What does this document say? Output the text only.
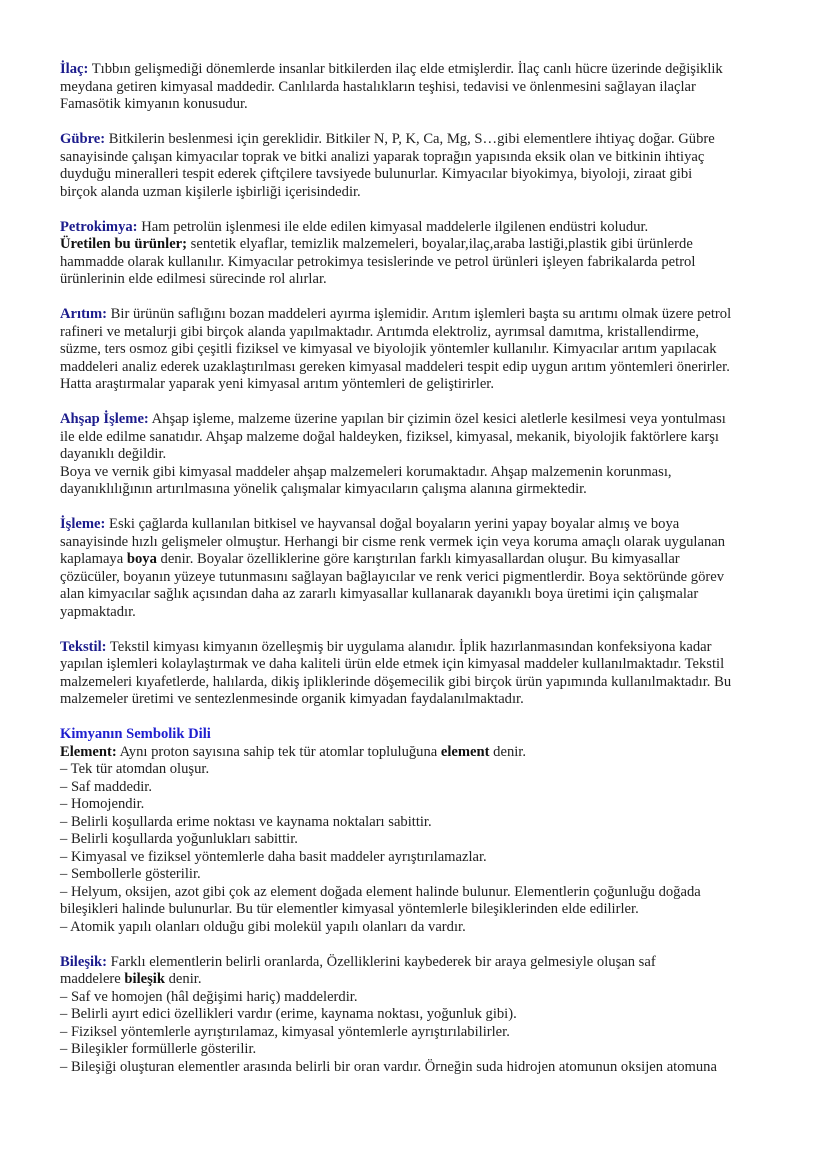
İlaç: Tıbbın gelişmediği dönemlerde insanlar bitkilerden ilaç elde etmişlerdir. İlaç canlı hücre üzerinde değişiklik
meydana getiren kimyasal maddedir. Canlılarda hastalıkların teşhisi, tedavisi ve önlenmesini sağlayan ilaçlar
Famasötik kimyanın konusudur.
Gübre: Bitkilerin beslenmesi için gereklidir. Bitkiler N, P, K, Ca, Mg, S…gibi elementlere ihtiyaç doğar. Gübre
sanayisinde çalışan kimyacılar toprak ve bitki analizi yaparak toprağın yapısında eksik olan ve bitkinin ihtiyaç
duyduğu mineralleri tespit ederek çiftçilere tavsiyede bulunurlar. Kimyacılar biyokimya, biyoloji, ziraat gibi
birçok alanda uzman kişilerle işbirliği içerisindedir.
Petrokimya: Ham petrolün işlenmesi ile elde edilen kimyasal maddelerle ilgilenen endüstri koludur.
Üretilen bu ürünler; sentetik elyaflar, temizlik malzemeleri, boyalar,ilaç,araba lastiği,plastik gibi ürünlerde
hammadde olarak kullanılır. Kimyacılar petrokimya tesislerinde ve petrol ürünleri işleyen fabrikalarda petrol
ürünlerinin elde edilmesi sürecinde rol alırlar.
Arıtım: Bir ürünün saflığını bozan maddeleri ayırma işlemidir. Arıtım işlemleri başta su arıtımı olmak üzere petrol
rafineri ve metalurji gibi birçok alanda yapılmaktadır. Arıtımda elektroliz, ayrımsal damıtma, kristallendirme,
süzme, ters osmoz gibi çeşitli fiziksel ve kimyasal ve biyolojik yöntemler kullanılır. Kimyacılar arıtım yapılacak
maddeleri analiz ederek uzaklaştırılması gereken kimyasal maddeleri tespit edip uygun arıtım yöntemleri önerirler.
Hatta araştırmalar yaparak yeni kimyasal arıtım yöntemleri de geliştirirler.
Ahşap İşleme: Ahşap işleme, malzeme üzerine yapılan bir çizimin özel kesici aletlerle kesilmesi veya yontulması
ile elde edilme sanatıdır. Ahşap malzeme doğal haldeyken, fiziksel, kimyasal, mekanik, biyolojik faktörlere karşı
dayanıklı değildir.
Boya ve vernik gibi kimyasal maddeler ahşap malzemeleri korumaktadır. Ahşap malzemenin korunması,
dayanıklılığının artırılmasına yönelik çalışmalar kimyacıların çalışma alanına girmektedir.
İşleme: Eski çağlarda kullanılan bitkisel ve hayvansal doğal boyaların yerini yapay boyalar almış ve boya
sanayisinde hızlı gelişmeler olmuştur. Herhangi bir cisme renk vermek için veya koruma amaçlı olarak uygulanan
kaplamaya boya denir. Boyalar özelliklerine göre karıştırılan farklı kimyasallardan oluşur. Bu kimyasallar
çözücüler, boyanın yüzeye tutunmasını sağlayan bağlayıcılar ve renk verici pigmentlerdir. Boya sektöründe görev
alan kimyacılar sağlık açısından daha az zararlı kimyasallar kullanarak dayanıklı boya üretimi için çalışmalar
yapmaktadır.
Tekstil: Tekstil kimyası kimyanın özelleşmiş bir uygulama alanıdır. İplik hazırlanmasından konfeksiyona kadar
yapılan işlemleri kolaylaştırmak ve daha kaliteli ürün elde etmek için kimyasal maddeler kullanılmaktadır. Tekstil
malzemeleri kıyafetlerde, halılarda, dikiş ipliklerinde döşemecilik gibi birçok ürün yapımında kullanılmaktadır. Bu
malzemeler üretimi ve sentezlenmesinde organik kimyadan faydalanılmaktadır.
Kimyanın Sembolik Dili
Element: Aynı proton sayısına sahip tek tür atomlar topluluğuna element denir.
– Tek tür atomdan oluşur.
– Saf maddedir.
– Homojendir.
– Belirli koşullarda erime noktası ve kaynama noktaları sabittir.
– Belirli koşullarda yoğunlukları sabittir.
– Kimyasal ve fiziksel yöntemlerle daha basit maddeler ayrıştırılamazlar.
– Sembollerle gösterilir.
– Helyum, oksijen, azot gibi çok az element doğada element halinde bulunur. Elementlerin çoğunluğu doğada
bileşikleri halinde bulunurlar. Bu tür elementler kimyasal yöntemlerle bileşiklerinden elde edilirler.
– Atomik yapılı olanları olduğu gibi molekül yapılı olanları da vardır.
Bileşik: Farklı elementlerin belirli oranlarda, Özelliklerini kaybederek bir araya gelmesiyle oluşan saf
maddelere bileşik denir.
– Saf ve homojen (hâl değişimi hariç) maddelerdir.
– Belirli ayırt edici özellikleri vardır (erime, kaynama noktası, yoğunluk gibi).
– Fiziksel yöntemlerle ayrıştırılamaz, kimyasal yöntemlerle ayrıştırılabilirler.
– Bileşikler formüllerle gösterilir.
– Bileşiği oluşturan elementler arasında belirli bir oran vardır. Örneğin suda hidrojen atomunun oksijen atomuna
